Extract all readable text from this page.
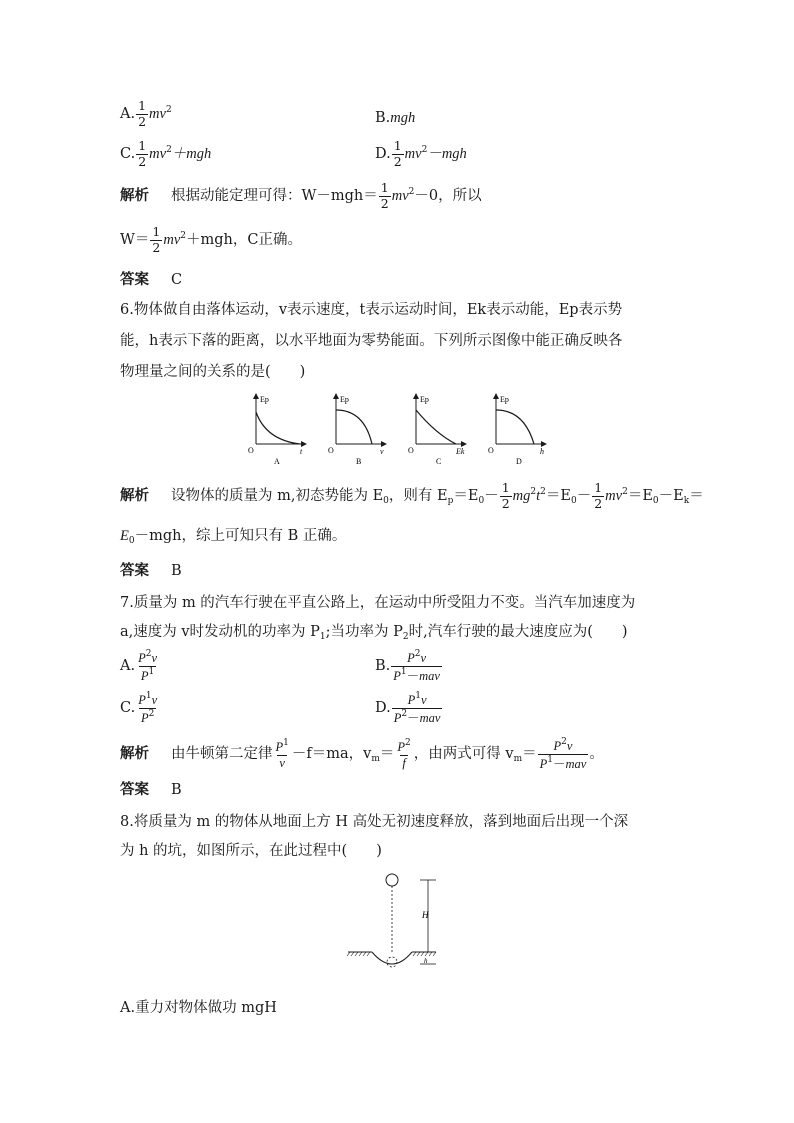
A. $\frac{1}{2} mv^2$	B.mgh
C. $\frac{1}{2} mv^2+mgh$	D. $\frac{1}{2} mv^2-mgh$
解析 根据动能定理可得：$W-mgh= \frac{1}{2} mv^2-0$，所以
$W= \frac{1}{2} mv^2+mgh$，C正确。
答案 C
6.物体做自由落体运动，v表示速度，t表示运动时间，Ek表示动能，Ep表示势
能，h表示下落的距离，以水平地面为零势能面。下列所示图像中能正确反映各
物理量之间的关系的是(　　)
Ep
t
O
A
Ep
v
O
B
Ep
Ek
O
C
Ep
h
O
D
解析 设物体的质量为 m,初态势能为 $E_0$，则有 $E_p=E_0- \frac{1}{2} mg^2t^2=E_0- \frac{1}{2} mv^2=E_0-E_k=$
$E_0-mgh$，综上可知只有 B 正确。
答案 B
7.质量为 m 的汽车行驶在平直公路上，在运动中所受阻力不变。当汽车加速度为
a,速度为 v时发动机的功率为 $P_1$;当功率为 $P_2$时,汽车行驶的最大速度应为(　　)
A. $\frac{P^2v}{P^1}$	B. $\frac{P^2v}{P^1-mav}$
C. $\frac{P^1v}{P^2}$	D. $\frac{P^1v}{P^2-mav}$
解析 由牛顿第二定律 $\frac{P^1}{v} -f=ma$，$v_m= \frac{P^2}{f}$ ，由两式可得 $v_m= \frac{P^2v}{P^1-mav}$ 。
答案 B
8.将质量为 m 的物体从地面上方 H 高处无初速度释放，落到地面后出现一个深
为 h 的坑，如图所示，在此过程中(　　)
H
h
A.重力对物体做功 mgH
